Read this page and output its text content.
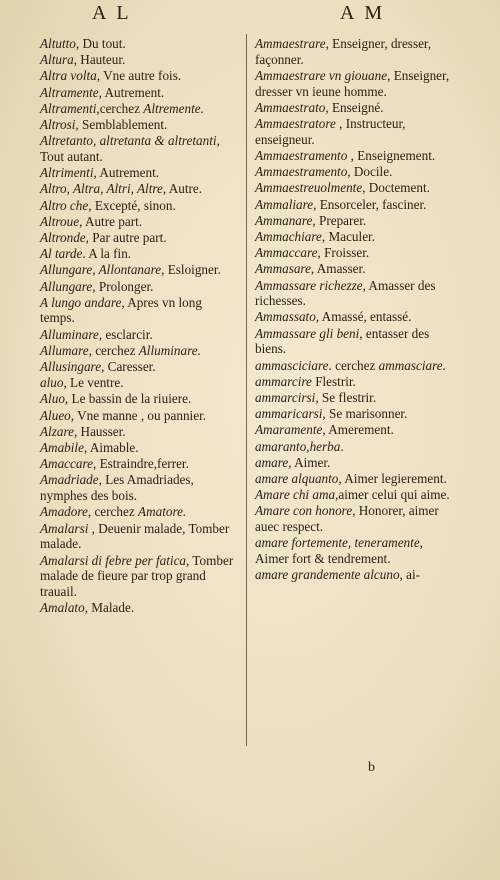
A L	A M
Altutto, Du tout.
Altura, Hauteur.
Altra volta, Vne autre fois.
Altramente, Autrement.
Altramenti,cerchez Altremente.
Altrosi, Semblablement.
Altretanto, altretanta & altretanti, Tout autant.
Altrimenti, Autrement.
Altro, Altra, Altri, Altre, Autre.
Altro che, Excepté, sinon.
Altroue, Autre part.
Altronde, Par autre part.
Al tarde. A la fin.
Allungare, Allontanare, Esloigner.
Allungare, Prolonger.
A lungo andare, Apres vn long temps.
Alluminare, esclarcir.
Allumare, cerchez Alluminare.
Allusingare, Caresser.
aluo, Le ventre.
Aluo, Le bassin de la riuiere.
Alueo, Vne manne , ou pannier.
Alzare, Hausser.
Amabile, Aimable.
Amaccare, Estraindre,ferrer.
Amadriade, Les Amadriades, nymphes des bois.
Amadore, cerchez Amatore.
Amalarsi , Deuenir malade, Tomber malade.
Amalarsi di febre per fatica, Tomber malade de fieure par trop grand trauail.
Amalato, Malade.
Ammaestrare, Enseigner, dresser, façonner.
Ammaestrare vn giouane, Enseigner, dresser vn ieune homme.
Ammaestrato, Enseigné.
Ammaestratore , Instructeur, enseigneur.
Ammaestramento , Enseignement.
Ammaestramento, Docile.
Ammaestreuolmente, Doctement.
Ammaliare, Ensorceler, fasciner.
Ammanare, Preparer.
Ammachiare, Maculer.
Ammaccare, Froisser.
Ammasare, Amasser.
Ammassare richezze, Amasser des richesses.
Ammassato, Amassé, entassé.
Ammassare gli beni, entasser des biens.
ammasciciare. cerchez ammasciare.
ammarcire Flestrir.
ammarcirsi, Se flestrir.
ammaricarsi, Se marisonner.
Amaramente, Amerement.
amaranto,herba.
amare, Aimer.
amare alquanto, Aimer legierement.
Amare chi ama,aimer celui qui aime.
Amare con honore, Honorer, aimer auec respect.
amare fortemente, teneramente, Aimer fort & tendrement.
amare grandemente alcuno, ai-
b
